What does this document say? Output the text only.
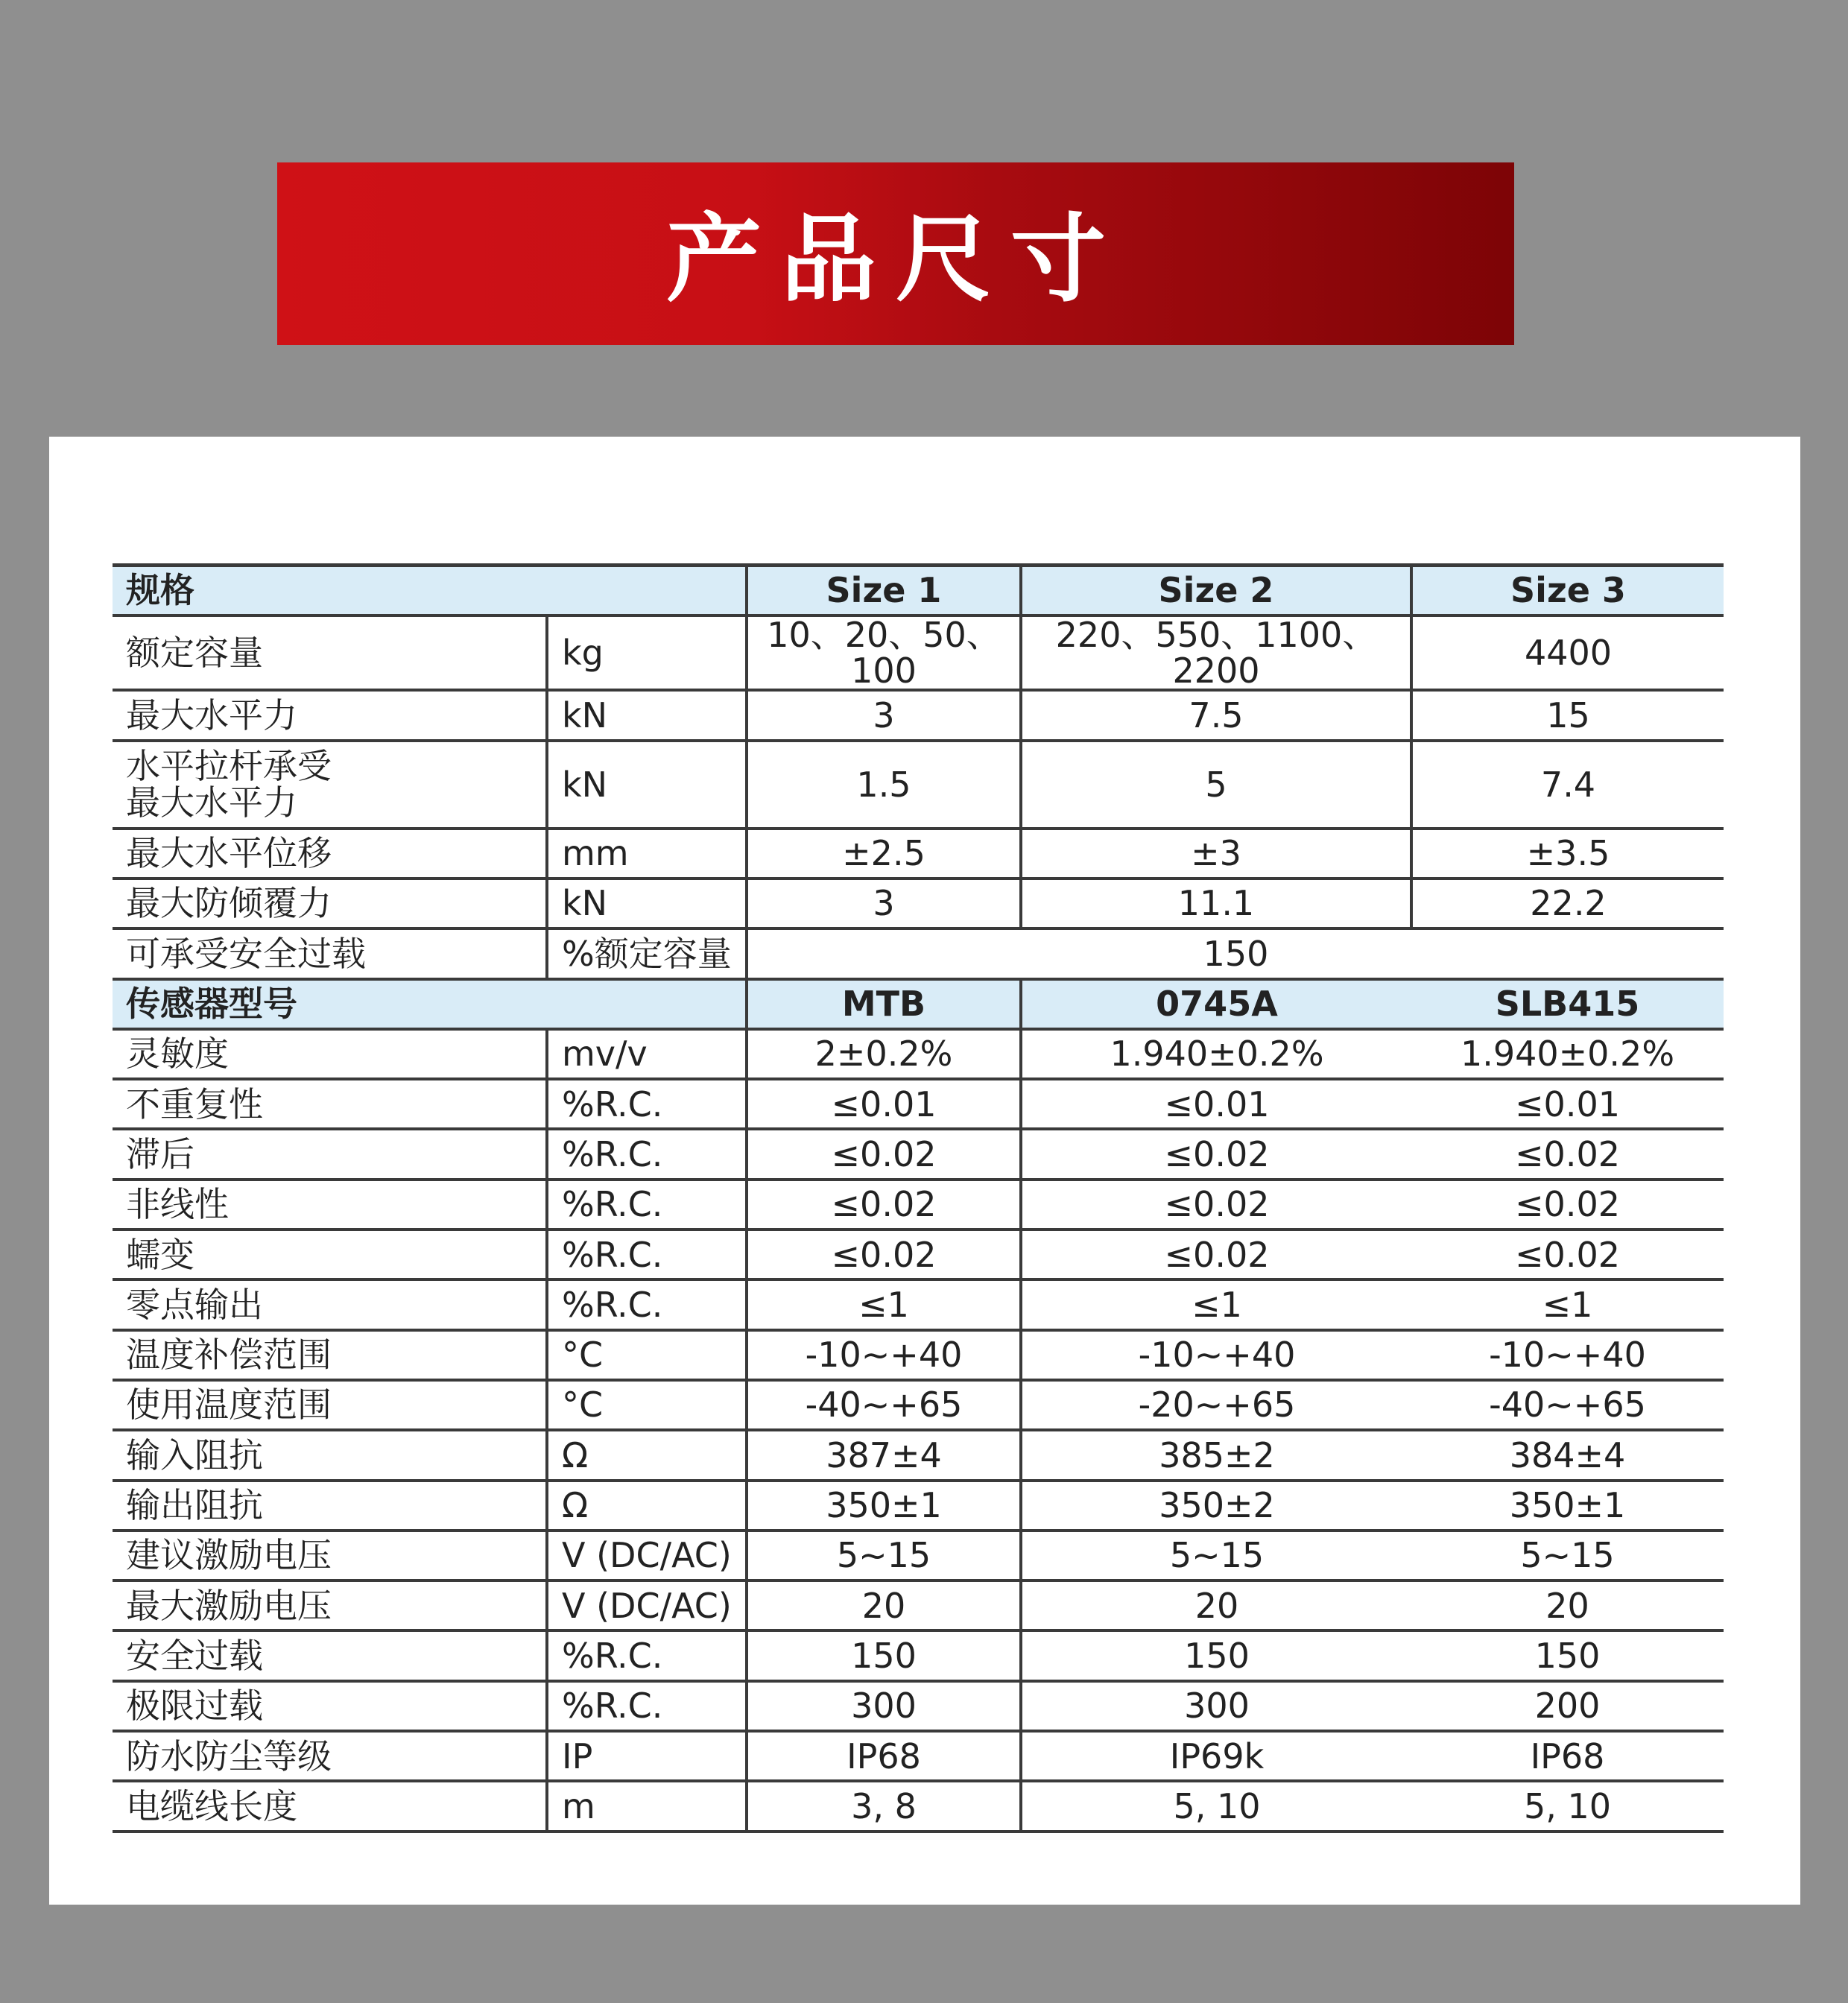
产品尺寸
规格		Size 1	Size 2	Size 3
额定容量	kg	10、20、50、100	220、550、1100、2200	4400
最大水平力	kN	3	7.5	15

水平拉杆承受
最大水平力	kN	1.5	5	7.4
最大水平位移	mm	±2.5	±3	±3.5
最大防倾覆力	kN	3	11.1	22.2
可承受安全过载	%额定容量	150		
传感器型号		MTB	0745A	SLB415
灵敏度	mv/v	2±0.2%	1.940±0.2%	1.940±0.2%
不重复性	%R.C.	≤0.01	≤0.01	≤0.01
滞后	%R.C.	≤0.02	≤0.02	≤0.02
非线性	%R.C.	≤0.02	≤0.02	≤0.02
蠕变	%R.C.	≤0.02	≤0.02	≤0.02
零点输出	%R.C.	≤1	≤1	≤1
温度补偿范围	°C	-10~+40	-10~+40	-10~+40
使用温度范围	°C	-40~+65	-20~+65	-40~+65
输入阻抗	Ω	387±4	385±2	384±4
输出阻抗	Ω	350±1	350±2	350±1
建议激励电压	V (DC/AC)	5~15	5~15	5~15
最大激励电压	V (DC/AC)	20	20	20
安全过载	%R.C.	150	150	150
极限过载	%R.C.	300	300	200
防水防尘等级	IP	IP68	IP69k	IP68
电缆线长度	m	3, 8	5, 10	5, 10
